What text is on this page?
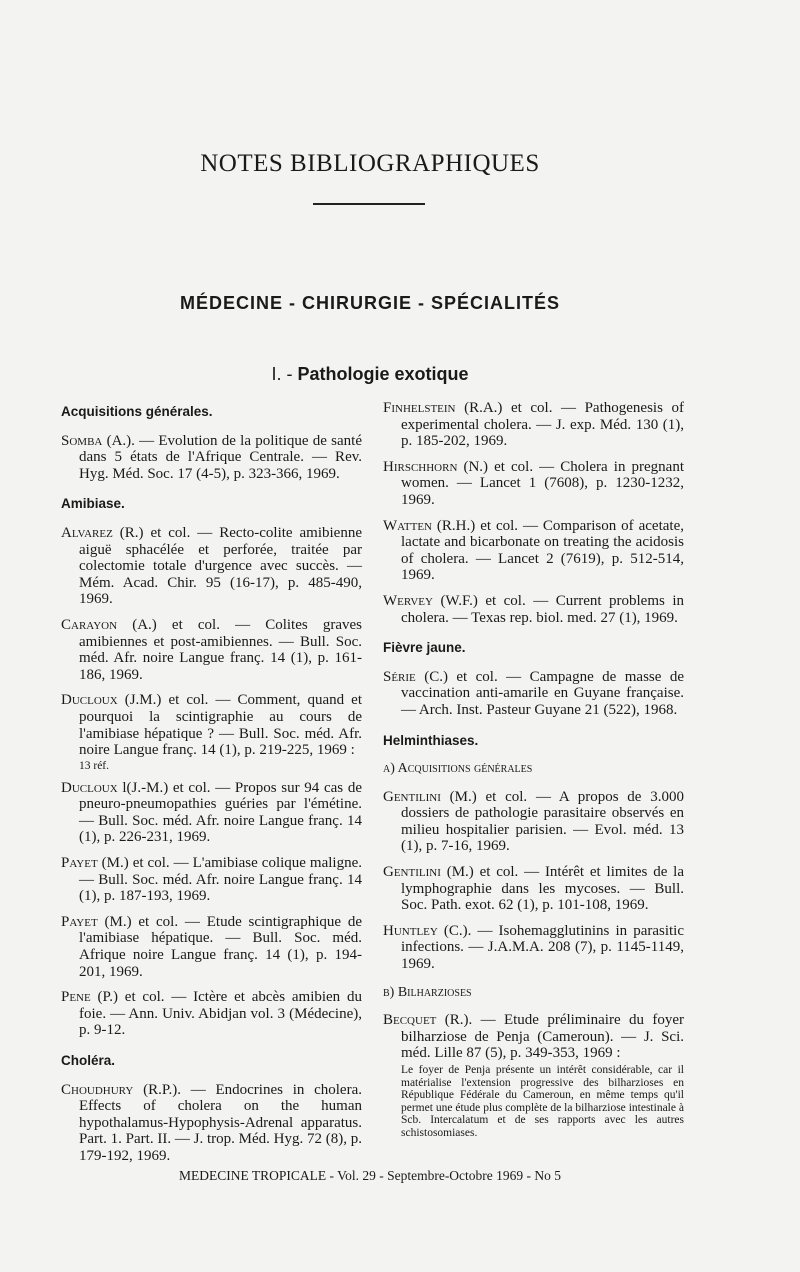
NOTES BIBLIOGRAPHIQUES
MÉDECINE - CHIRURGIE - SPÉCIALITÉS
I. - Pathologie exotique
Acquisitions générales.
Somba (A.). — Evolution de la politique de santé dans 5 états de l'Afrique Centrale. — Rev. Hyg. Méd. Soc. 17 (4-5), p. 323-366, 1969.
Amibiase.
Alvarez (R.) et col. — Recto-colite amibienne aiguë sphacélée et perforée, traitée par colectomie totale d'urgence avec succès. — Mém. Acad. Chir. 95 (16-17), p. 485-490, 1969.
Carayon (A.) et col. — Colites graves amibiennes et post-amibiennes. — Bull. Soc. méd. Afr. noire Langue franç. 14 (1), p. 161-186, 1969.
Ducloux (J.M.) et col. — Comment, quand et pourquoi la scintigraphie au cours de l'amibiase hépatique ? — Bull. Soc. méd. Afr. noire Langue franç. 14 (1), p. 219-225, 1969 :
13 réf.
Ducloux l(J.-M.) et col. — Propos sur 94 cas de pneuro-pneumopathies guéries par l'émétine. — Bull. Soc. méd. Afr. noire Langue franç. 14 (1), p. 226-231, 1969.
Payet (M.) et col. — L'amibiase colique maligne. — Bull. Soc. méd. Afr. noire Langue franç. 14 (1), p. 187-193, 1969.
Payet (M.) et col. — Etude scintigraphique de l'amibiase hépatique. — Bull. Soc. méd. Afrique noire Langue franç. 14 (1), p. 194-201, 1969.
Pene (P.) et col. — Ictère et abcès amibien du foie. — Ann. Univ. Abidjan vol. 3 (Médecine), p. 9-12.
Choléra.
Choudhury (R.P.). — Endocrines in cholera. Effects of cholera on the human hypothalamus-Hypophysis-Adrenal apparatus. Part. 1. Part. II. — J. trop. Méd. Hyg. 72 (8), p. 179-192, 1969.
Finhelstein (R.A.) et col. — Pathogenesis of experimental cholera. — J. exp. Méd. 130 (1), p. 185-202, 1969.
Hirschhorn (N.) et col. — Cholera in pregnant women. — Lancet 1 (7608), p. 1230-1232, 1969.
Watten (R.H.) et col. — Comparison of acetate, lactate and bicarbonate on treating the acidosis of cholera. — Lancet 2 (7619), p. 512-514, 1969.
Wervey (W.F.) et col. — Current problems in cholera. — Texas rep. biol. med. 27 (1), 1969.
Fièvre jaune.
Série (C.) et col. — Campagne de masse de vaccination anti-amarile en Guyane française. — Arch. Inst. Pasteur Guyane 21 (522), 1968.
Helminthiases.
a) Acquisitions générales
Gentilini (M.) et col. — A propos de 3.000 dossiers de pathologie parasitaire observés en milieu hospitalier parisien. — Evol. méd. 13 (1), p. 7-16, 1969.
Gentilini (M.) et col. — Intérêt et limites de la lymphographie dans les mycoses. — Bull. Soc. Path. exot. 62 (1), p. 101-108, 1969.
Huntley (C.). — Isohemagglutinins in parasitic infections. — J.A.M.A. 208 (7), p. 1145-1149, 1969.
b) Bilharzioses
Becquet (R.). — Etude préliminaire du foyer bilharziose de Penja (Cameroun). — J. Sci. méd. Lille 87 (5), p. 349-353, 1969 :
Le foyer de Penja présente un intérêt considérable, car il matérialise l'extension progressive des bilharzioses en République Fédérale du Cameroun, en même temps qu'il permet une étude plus complète de la bilharziose intestinale à Scb. Intercalatum et de ses rapports avec les autres schistosomiases.
MEDECINE TROPICALE - Vol. 29 - Septembre-Octobre 1969 - No 5
